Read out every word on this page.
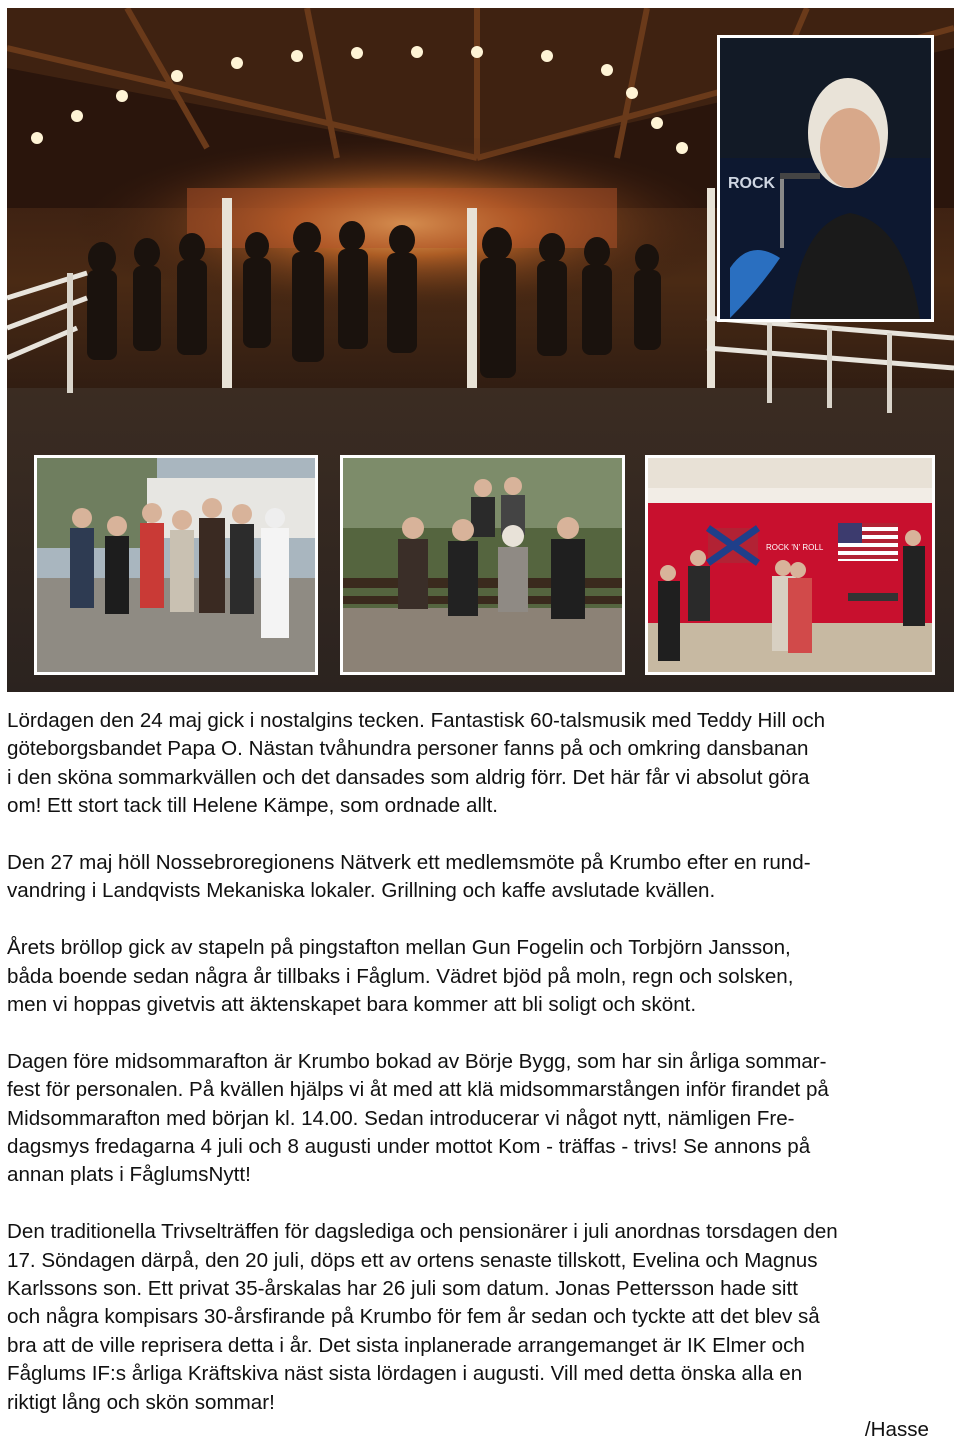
ROCK
ROCK 'N' ROLL

Lördagen den 24 maj gick i nostalgins tecken. Fantastisk 60-talsmusik med Teddy Hill och
göteborgsbandet Papa O. Nästan tvåhundra personer fanns på och omkring dansbanan
i den sköna sommarkvällen och det dansades som aldrig förr. Det här får vi absolut göra
om! Ett stort tack till Helene Kämpe, som ordnade allt.

Den 27 maj höll Nossebroregionens Nätverk ett medlemsmöte på Krumbo efter en rund-
vandring i Landqvists Mekaniska lokaler. Grillning och kaffe avslutade kvällen.

Årets bröllop gick av stapeln på pingstafton mellan Gun Fogelin och Torbjörn Jansson,
båda boende sedan några år tillbaks i Fåglum. Vädret bjöd på moln, regn och solsken,
men vi hoppas givetvis att äktenskapet bara kommer att bli soligt och skönt.

Dagen före midsommarafton är Krumbo bokad av Börje Bygg, som har sin årliga sommar-
fest för personalen. På kvällen hjälps vi åt med att klä midsommarstången inför firandet på
Midsommarafton med början kl. 14.00. Sedan introducerar vi något nytt, nämligen Fre-
dagsmys fredagarna 4 juli och 8 augusti under mottot Kom - träffas - trivs! Se annons på
annan plats i FåglumsNytt!

Den traditionella Trivselträffen för dagslediga och pensionärer i juli anordnas torsdagen den
17. Söndagen därpå, den 20 juli, döps ett av ortens senaste tillskott, Evelina och Magnus
Karlssons son. Ett privat 35-årskalas har 26 juli som datum. Jonas Pettersson hade sitt
och några kompisars 30-årsfirande på Krumbo för fem år sedan och tyckte att det blev så
bra att de ville reprisera detta i år. Det sista inplanerade arrangemanget är IK Elmer och
Fåglums IF:s årliga Kräftskiva näst sista lördagen i augusti. Vill med detta önska alla en
riktigt lång och skön sommar!

/Hasse
